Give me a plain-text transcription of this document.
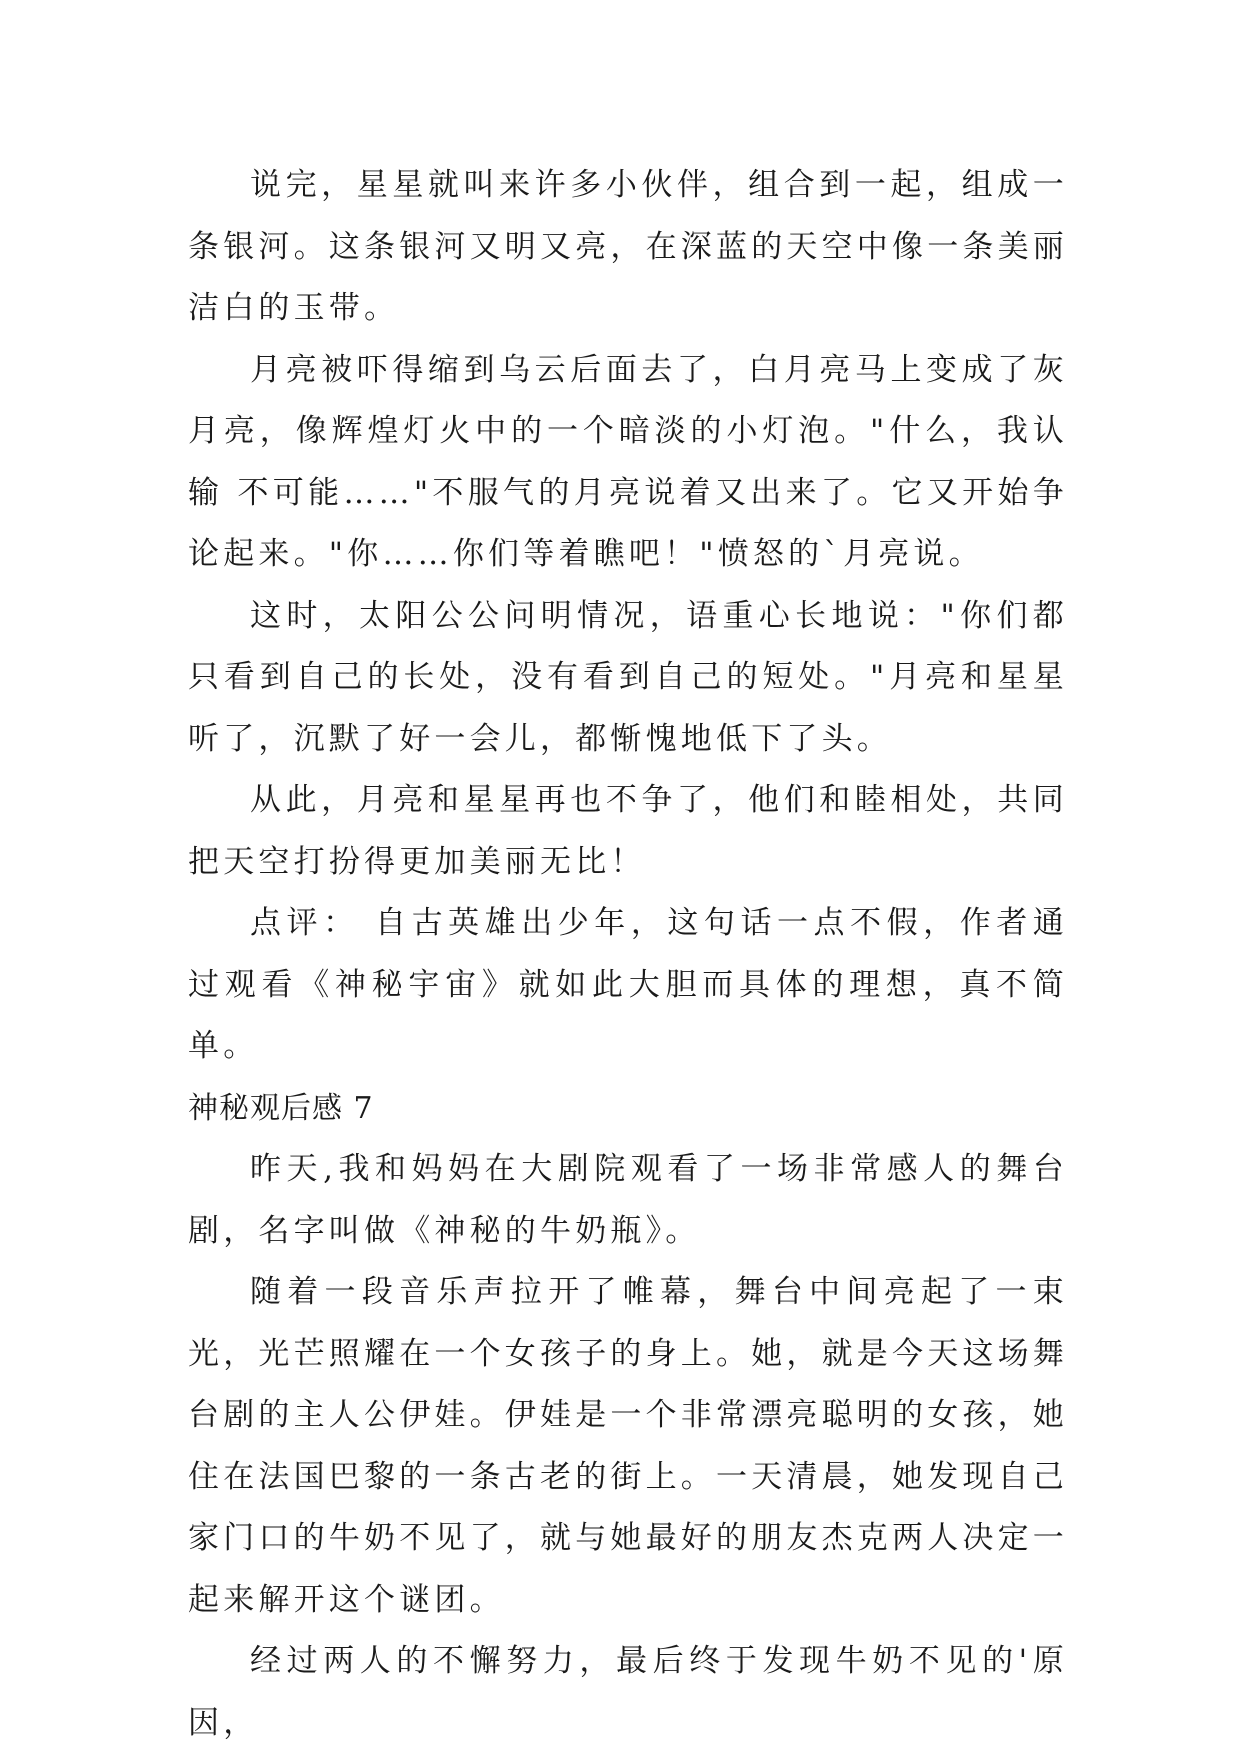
说完，星星就叫来许多小伙伴，组合到一起，组成一条银河。这条银河又明又亮，在深蓝的天空中像一条美丽洁白的玉带。

月亮被吓得缩到乌云后面去了，白月亮马上变成了灰月亮，像辉煌灯火中的一个暗淡的小灯泡。"什么，我认输 不可能……"不服气的月亮说着又出来了。它又开始争论起来。"你……你们等着瞧吧！"愤怒的`月亮说。

这时，太阳公公问明情况，语重心长地说："你们都只看到自己的长处，没有看到自己的短处。"月亮和星星听了，沉默了好一会儿，都惭愧地低下了头。

从此，月亮和星星再也不争了，他们和睦相处，共同把天空打扮得更加美丽无比！

点评： 自古英雄出少年，这句话一点不假，作者通过观看《神秘宇宙》就如此大胆而具体的理想，真不简单。

神秘观后感 7

昨天,我和妈妈在大剧院观看了一场非常感人的舞台剧，名字叫做《神秘的牛奶瓶》。

随着一段音乐声拉开了帷幕，舞台中间亮起了一束光，光芒照耀在一个女孩子的身上。她，就是今天这场舞台剧的主人公伊娃。伊娃是一个非常漂亮聪明的女孩，她住在法国巴黎的一条古老的街上。一天清晨，她发现自己家门口的牛奶不见了，就与她最好的朋友杰克两人决定一起来解开这个谜团。

经过两人的不懈努力，最后终于发现牛奶不见的'原因，
